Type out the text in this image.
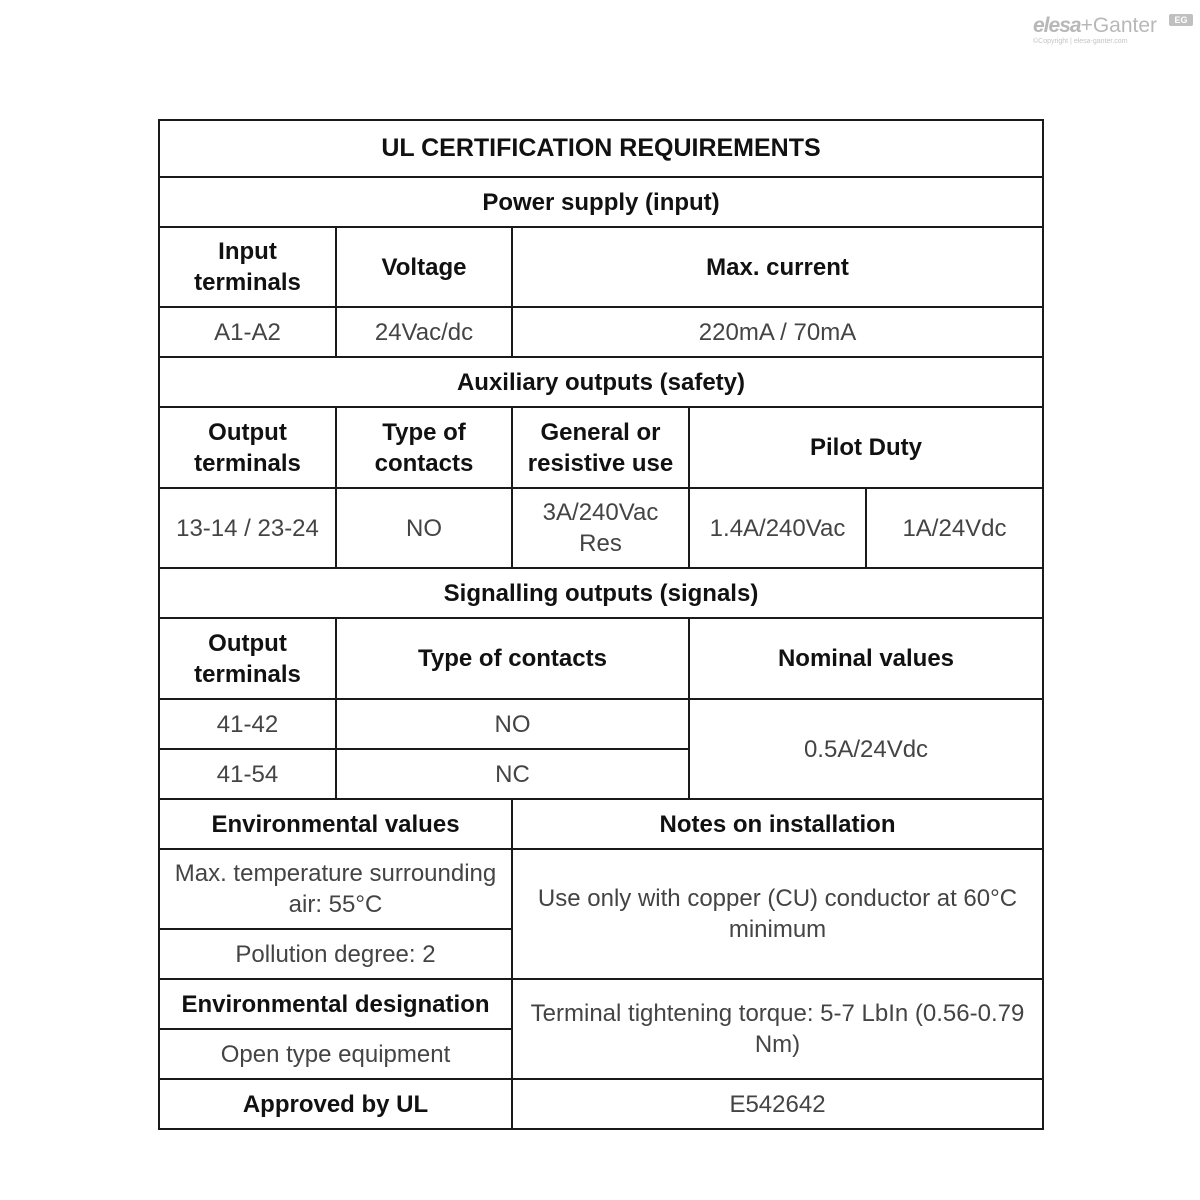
elesa+Ganter	EG
©Copyright | elesa-ganter.com
UL CERTIFICATION REQUIREMENTS				
Power supply (input)				
Input terminals	Voltage	Max. current		
A1-A2	24Vac/dc	220mA / 70mA		
Auxiliary outputs (safety)				
Output terminals	Type of contacts	General or resistive use	Pilot Duty	
13-14 / 23-24	NO	3A/240Vac Res	1.4A/240Vac	1A/24Vdc
Signalling outputs (signals)				
Output terminals	Type of contacts		Nominal values	
41-42	NO		0.5A/24Vdc	
41-54	NC			
Environmental values		Notes on installation		
Max. temperature surrounding air: 55°C		Use only with copper (CU) conductor at 60°C minimum		
Pollution degree: 2				
Environmental designation		Terminal tightening torque: 5-7 LbIn (0.56-0.79 Nm)		
Open type equipment				
Approved by UL		E542642		
